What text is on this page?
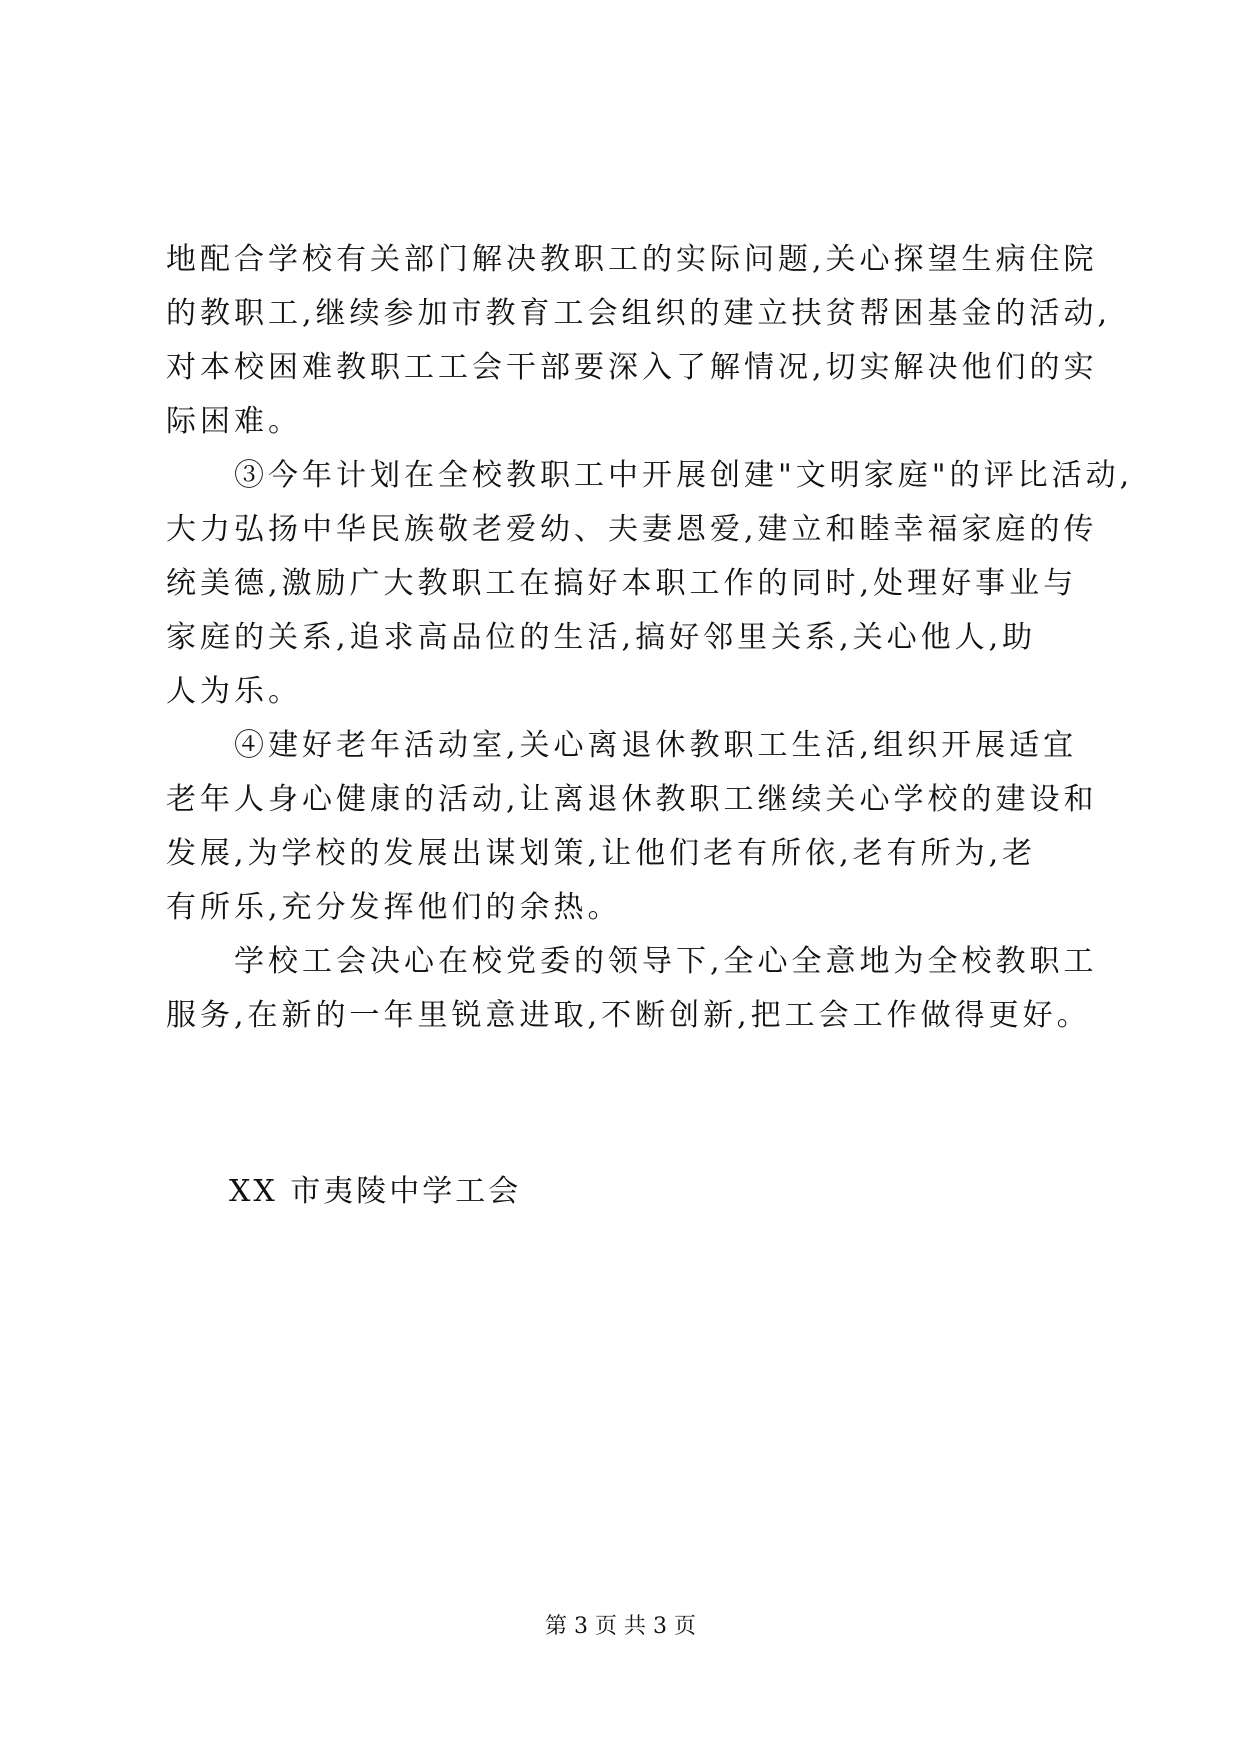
地配合学校有关部门解决教职工的实际问题,关心探望生病住院
的教职工,继续参加市教育工会组织的建立扶贫帮困基金的活动,
对本校困难教职工工会干部要深入了解情况,切实解决他们的实
际困难。
　　③今年计划在全校教职工中开展创建"文明家庭"的评比活动,
大力弘扬中华民族敬老爱幼、夫妻恩爱,建立和睦幸福家庭的传
统美德,激励广大教职工在搞好本职工作的同时,处理好事业与
家庭的关系,追求高品位的生活,搞好邻里关系,关心他人,助
人为乐。
　　④建好老年活动室,关心离退休教职工生活,组织开展适宜
老年人身心健康的活动,让离退休教职工继续关心学校的建设和
发展,为学校的发展出谋划策,让他们老有所依,老有所为,老
有所乐,充分发挥他们的余热。
　　学校工会决心在校党委的领导下,全心全意地为全校教职工
服务,在新的一年里锐意进取,不断创新,把工会工作做得更好。
XX 市夷陵中学工会
第 3 页 共 3 页
